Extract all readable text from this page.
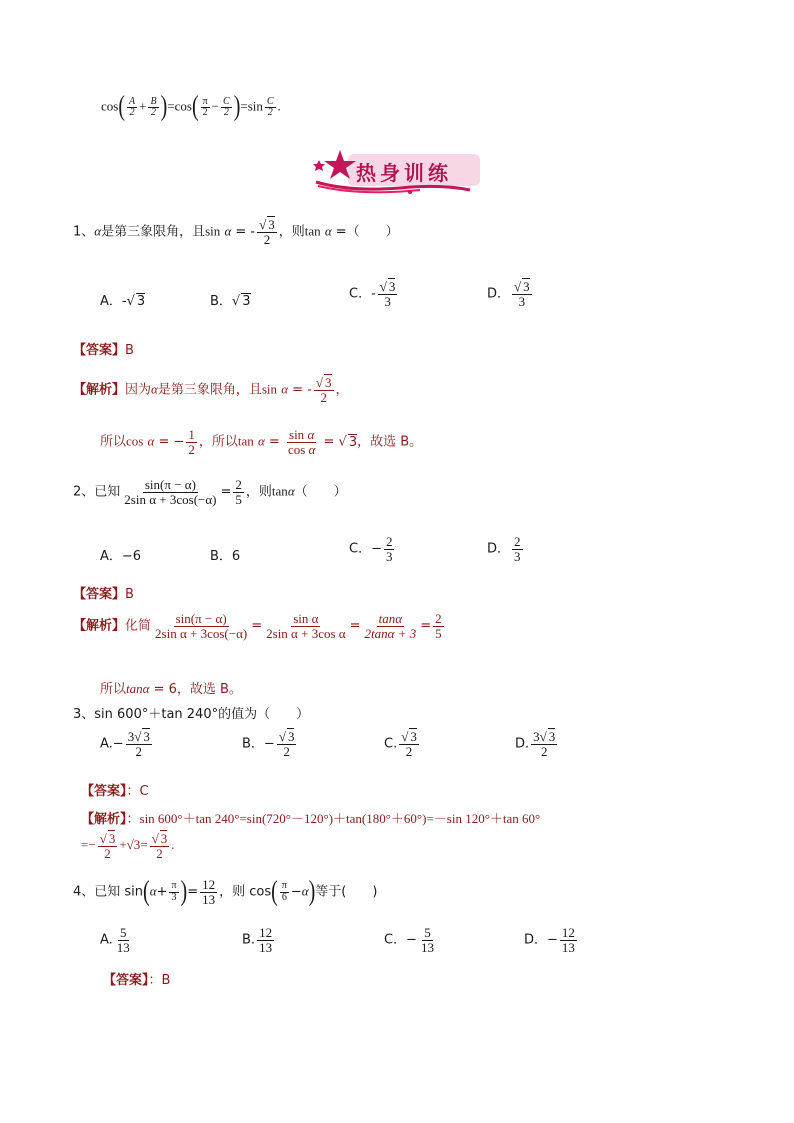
$\cos( \frac{A}{2} + \frac{B}{2} )=\cos( \frac{\pi}{2} - \frac{C}{2} )=\sin \frac{C}{2}$ .
热身训练
1、α是第三象限角，且sin α = - $\frac{√ 3}{2}$ ，则tan α =（　　）
A．-√ 3	B．√ 3	C．- $\frac{√ 3}{3}$	D． $\frac{√ 3}{3}$
【答案】B
【解析】因为α是第三象限角，且sin α = - $\frac{√ 3}{2}$ ，
所以cos α = − $\frac{1}{2}$ ，所以$\tan \alpha = \frac{\text{sin α}}{\text{cos α}}$ = √ 3，故选 B。
2、已知 $\frac{\sin(\pi - \alpha)}{\text{2sin α + 3cos(−α)}} = \frac{2}{5}$ ，则tanα（　　）
A．−6	B．6	C．− $\frac{2}{3}$	D． $\frac{2}{3}$
【答案】B
【解析】化简 $\frac{\sin(\pi - \alpha)}{\text{2sin α + 3cos(−α)}} = \frac{\text{sin α}}{\text{2sin α + 3cos α}} = \frac{\tan\alpha}{2\tan\alpha + 3} = \frac{2}{5}$
所以tanα = 6，故选 B。
3、sin 600°＋tan 240°的值为（　　）
$A.- \frac{3√ 3}{2}$	B．− $\frac{√ 3}{2}$	C. $\frac{√ 3}{2}$	D. $\frac{3√ 3}{2}$
【答案】：C
【解析】：sin 600°＋tan 240°=sin(720°－120°)＋tan(180°＋60°)=－sin 120°＋tan 60°
=− $\frac{√ 3}{2} +√3= \frac{√ 3}{2}$ .
4、已知 $\sin(\alpha+ \frac{\pi}{3}$ )= $\frac{12}{13}$ ，则 $\cos( \frac{\pi}{6} -\alpha)$等于(　　)
A. $\frac{5}{13}$	B. $\frac{12}{13}$	C．− $\frac{5}{13}$	D．− $\frac{12}{13}$
【答案】：B
